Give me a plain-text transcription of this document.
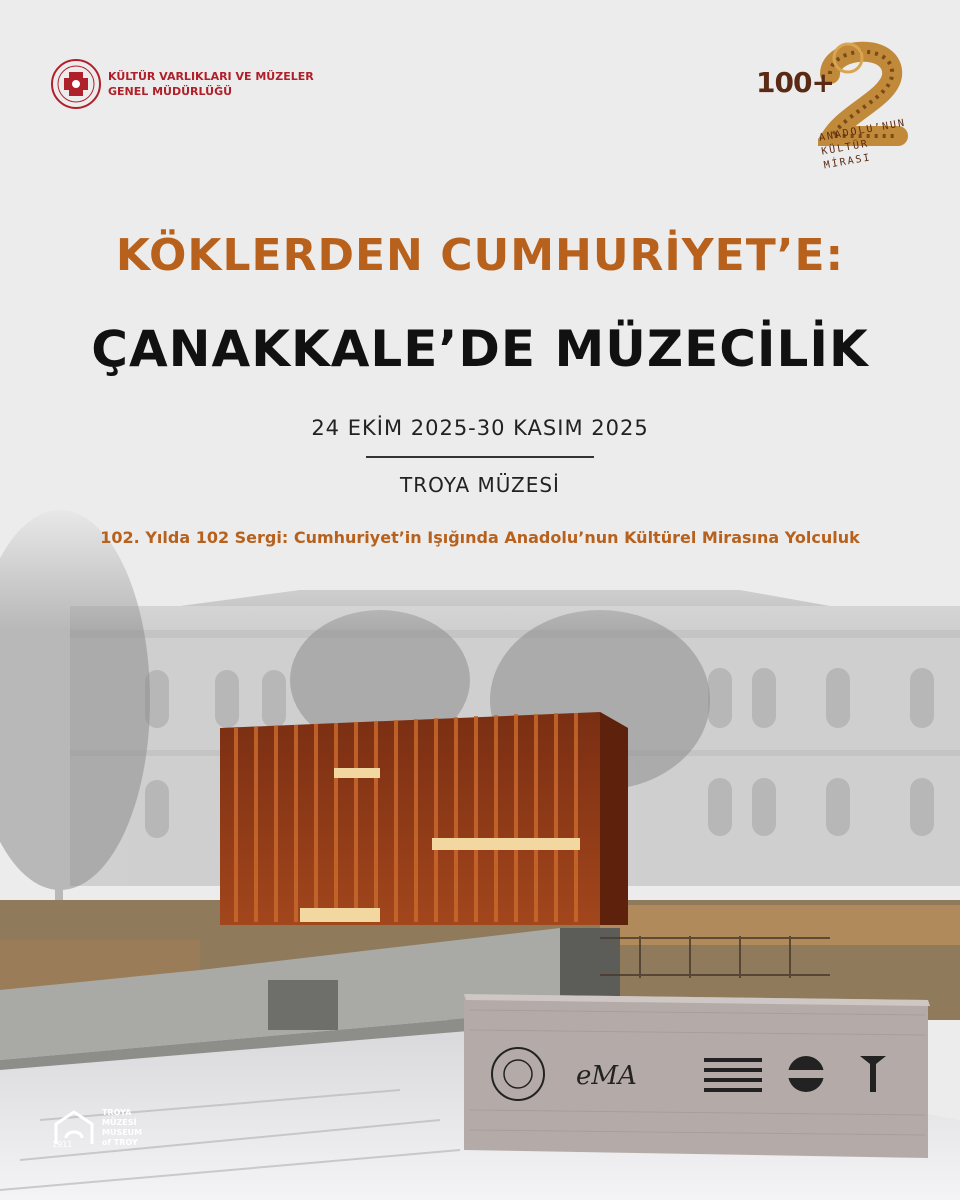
KÜLTÜR VARLIKLARI VE MÜZELER
GENEL MÜDÜRLÜĞÜ	100+
ANADOLU’NUN
KÜLTÜR MİRASI
KÖKLERDEN CUMHURİYET’E:
ÇANAKKALE’DE MÜZECİLİK
24 EKİM 2025-30 KASIM 2025
TROYA MÜZESİ
102. Yılda 102 Sergi: Cumhuriyet’in Işığında Anadolu’nun Kültürel Mirasına Yolculuk
eMA
TROYA
MÜZESİ
MUSEUM
of TROY
1911
